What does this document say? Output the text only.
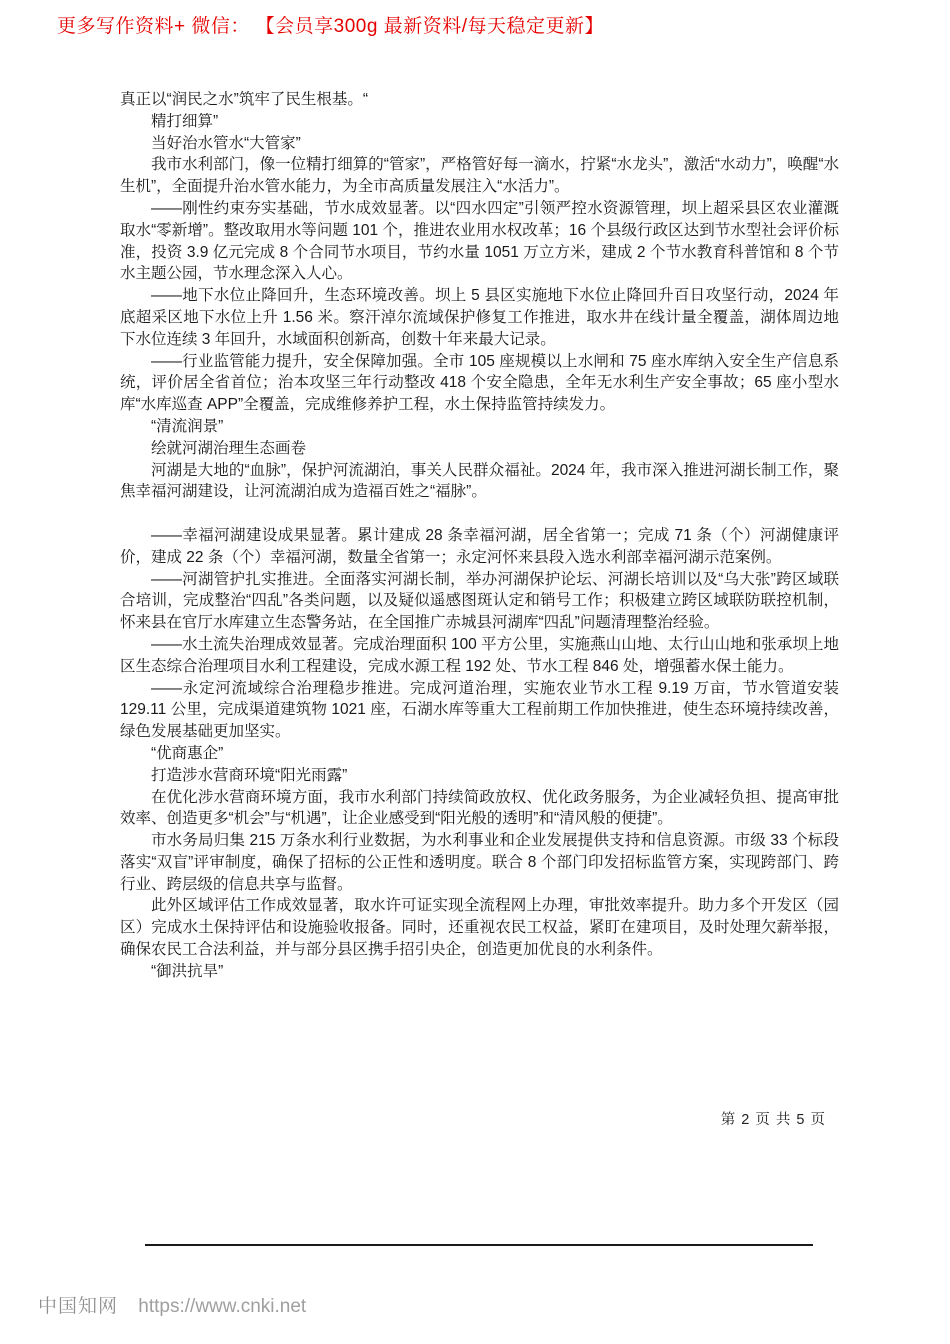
更多写作资料+ 微信： 【会员享300g 最新资料/每天稳定更新】
真正以“润民之水”筑牢了民生根基。“
精打细算”
当好治水管水“大管家”
我市水利部门，像一位精打细算的“管家”，严格管好每一滴水，拧紧“水龙头”，激活“水动力”，唤醒“水生机”，全面提升治水管水能力，为全市高质量发展注入“水活力”。
——刚性约束夯实基础，节水成效显著。以“四水四定”引领严控水资源管理，坝上超采县区农业灌溉取水“零新增”。整改取用水等问题 101 个，推进农业用水权改革；16 个县级行政区达到节水型社会评价标准，投资 3.9 亿元完成 8 个合同节水项目，节约水量 1051 万立方米，建成 2 个节水教育科普馆和 8 个节水主题公园，节水理念深入人心。
——地下水位止降回升，生态环境改善。坝上 5 县区实施地下水位止降回升百日攻坚行动，2024 年底超采区地下水位上升 1.56 米。察汗淖尔流域保护修复工作推进，取水井在线计量全覆盖，湖体周边地下水位连续 3 年回升，水域面积创新高，创数十年来最大记录。
——行业监管能力提升，安全保障加强。全市 105 座规模以上水闸和 75 座水库纳入安全生产信息系统，评价居全省首位；治本攻坚三年行动整改 418 个安全隐患，全年无水利生产安全事故；65 座小型水库“水库巡查 APP”全覆盖，完成维修养护工程，水土保持监管持续发力。
“清流润景”
绘就河湖治理生态画卷
河湖是大地的“血脉”，保护河流湖泊，事关人民群众福祉。2024 年，我市深入推进河湖长制工作，聚焦幸福河湖建设，让河流湖泊成为造福百姓之“福脉”。
——幸福河湖建设成果显著。累计建成 28 条幸福河湖，居全省第一；完成 71 条（个）河湖健康评价，建成 22 条（个）幸福河湖，数量全省第一；永定河怀来县段入选水利部幸福河湖示范案例。
——河湖管护扎实推进。全面落实河湖长制，举办河湖保护论坛、河湖长培训以及“乌大张”跨区域联合培训，完成整治“四乱”各类问题，以及疑似遥感图斑认定和销号工作；积极建立跨区域联防联控机制，怀来县在官厅水库建立生态警务站，在全国推广赤城县河湖库“四乱”问题清理整治经验。
——水土流失治理成效显著。完成治理面积 100 平方公里，实施燕山山地、太行山山地和张承坝上地区生态综合治理项目水利工程建设，完成水源工程 192 处、节水工程 846 处，增强蓄水保土能力。
——永定河流域综合治理稳步推进。完成河道治理，实施农业节水工程 9.19 万亩，节水管道安装 129.11 公里，完成渠道建筑物 1021 座，石湖水库等重大工程前期工作加快推进，使生态环境持续改善，绿色发展基础更加坚实。
“优商惠企”
打造涉水营商环境“阳光雨露”
在优化涉水营商环境方面，我市水利部门持续简政放权、优化政务服务，为企业减轻负担、提高审批效率、创造更多“机会”与“机遇”，让企业感受到“阳光般的透明”和“清风般的便捷”。
市水务局归集 215 万条水利行业数据，为水利事业和企业发展提供支持和信息资源。市级 33 个标段落实“双盲”评审制度，确保了招标的公正性和透明度。联合 8 个部门印发招标监管方案，实现跨部门、跨行业、跨层级的信息共享与监督。
此外区域评估工作成效显著，取水许可证实现全流程网上办理，审批效率提升。助力多个开发区（园区）完成水土保持评估和设施验收报备。同时，还重视农民工权益，紧盯在建项目，及时处理欠薪举报，确保农民工合法利益，并与部分县区携手招引央企，创造更加优良的水利条件。
“御洪抗旱”
第 2 页 共 5 页
中国知网 https://www.cnki.net
